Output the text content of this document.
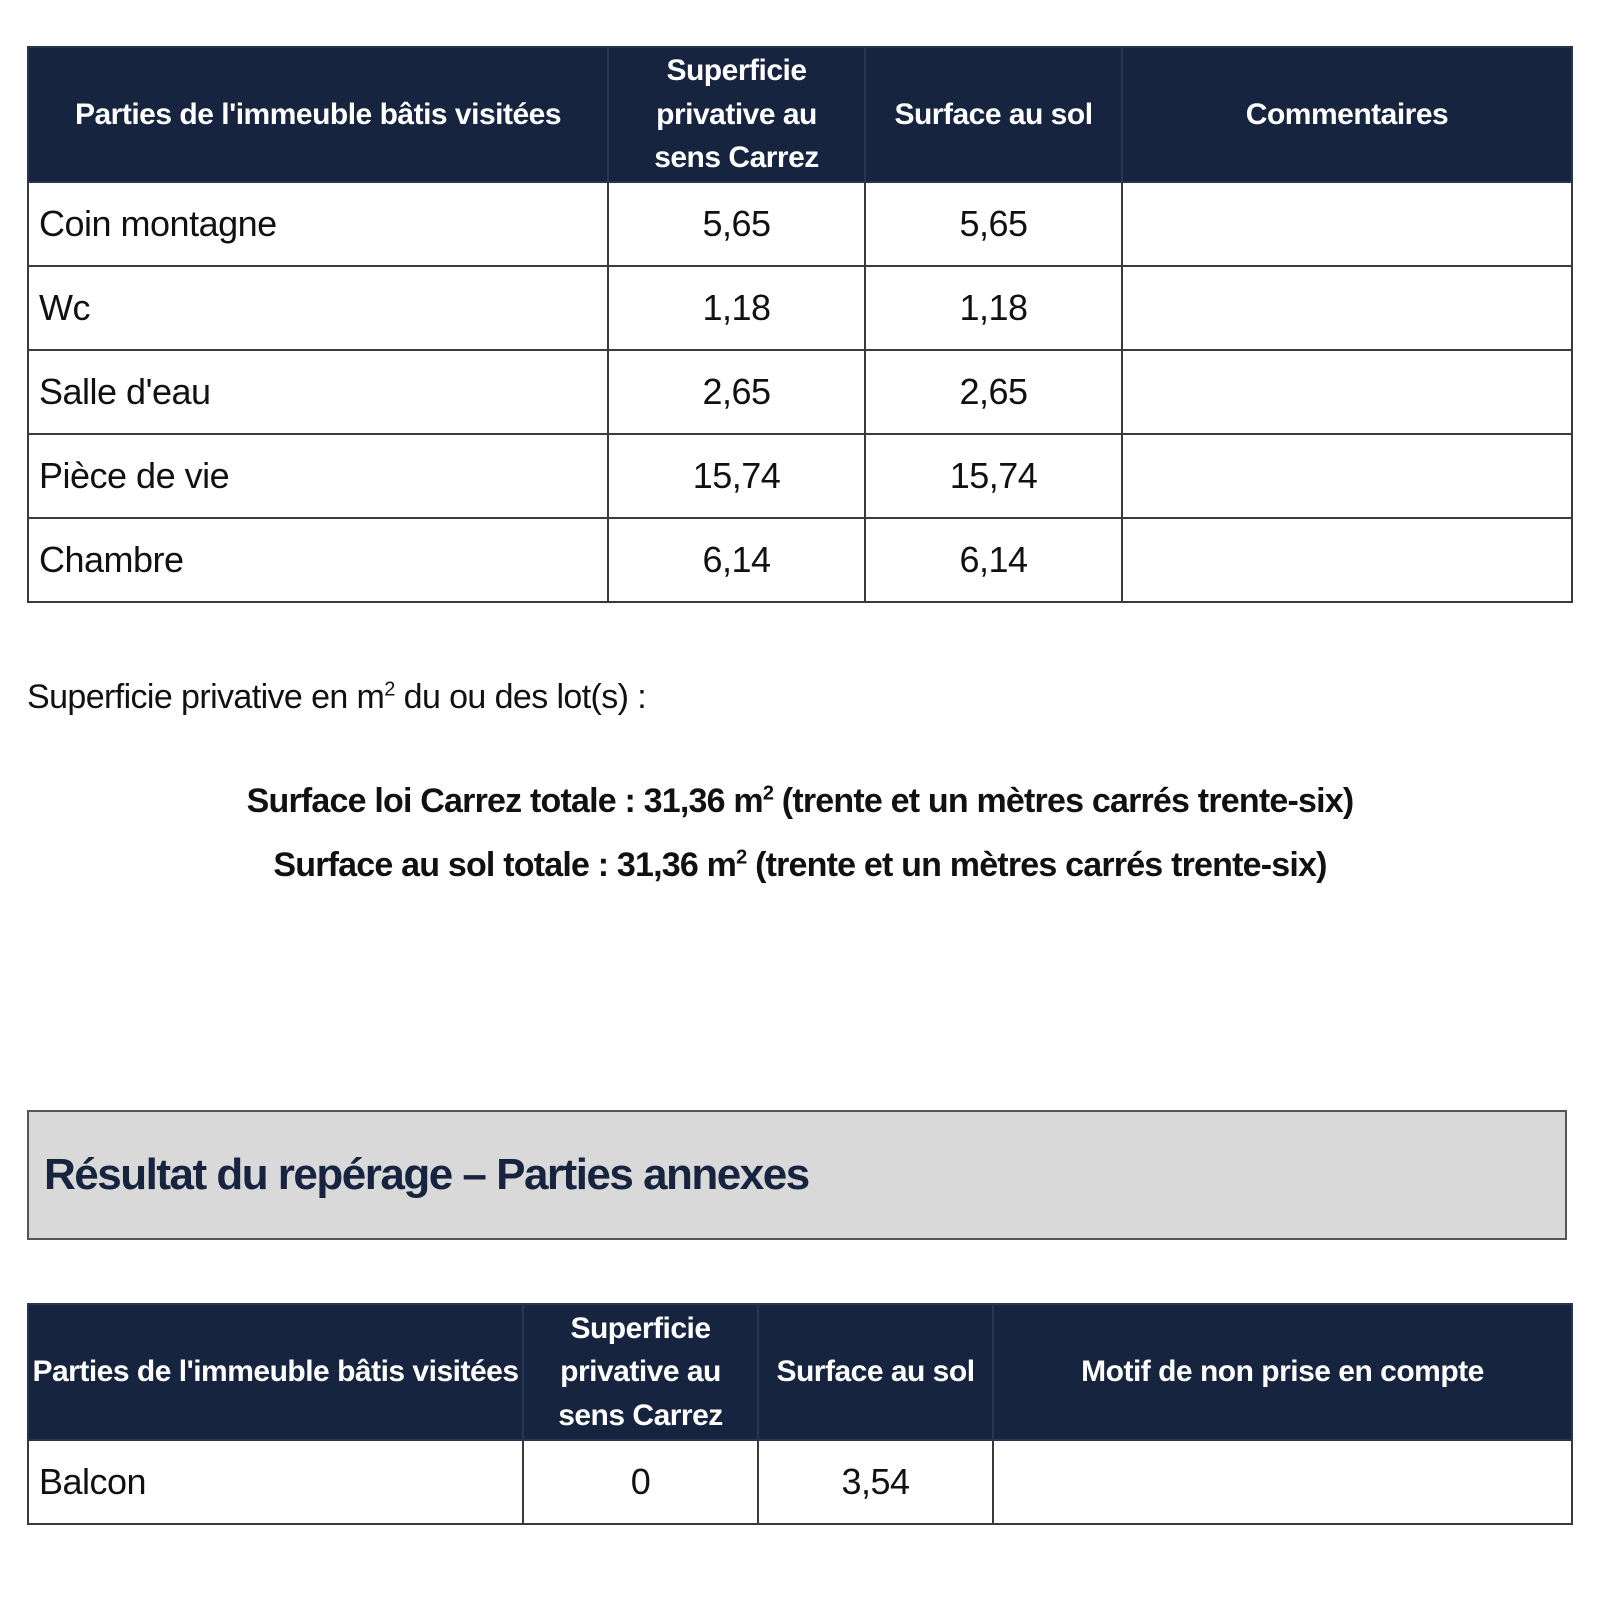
Parties de l'immeuble bâtis visitées	Superficie privative au sens Carrez	Surface au sol	Commentaires
Coin montagne	5,65	5,65	
Wc	1,18	1,18	
Salle d'eau	2,65	2,65	
Pièce de vie	15,74	15,74	
Chambre	6,14	6,14	
Superficie privative en $m^2$ du ou des lot(s) :
Surface loi Carrez totale : 31,36 $m^2$ (trente et un mètres carrés trente-six)
Surface au sol totale : 31,36 $m^2$ (trente et un mètres carrés trente-six)
Résultat du repérage – Parties annexes
Parties de l'immeuble bâtis visitées	Superficie privative au sens Carrez	Surface au sol	Motif de non prise en compte
Balcon	0	3,54	
